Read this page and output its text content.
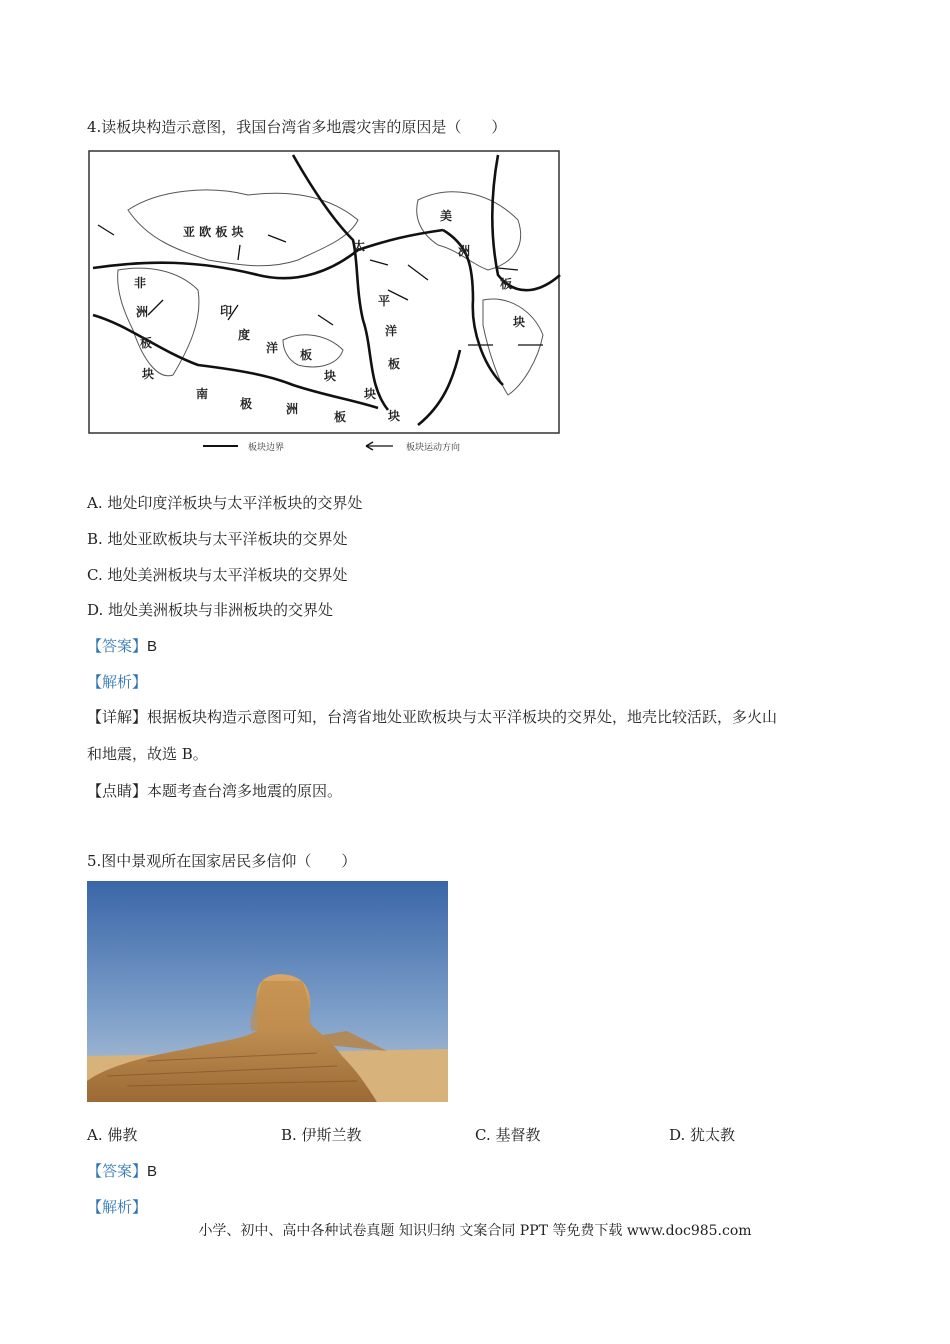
4.读板块构造示意图，我国台湾省多地震灾害的原因是（　　）
亚 欧 板 块
美
洲
板
块
非
洲
板
块
印
度
洋 板
块
太
平
洋
板
块
块
南
极	洲
板
板块边界	板块运动方向
A. 地处印度洋板块与太平洋板块的交界处
B. 地处亚欧板块与太平洋板块的交界处
C. 地处美洲板块与太平洋板块的交界处
D. 地处美洲板块与非洲板块的交界处
【答案】B
【解析】
【详解】根据板块构造示意图可知，台湾省地处亚欧板块与太平洋板块的交界处，地壳比较活跃，多火山
和地震，故选 B。
【点睛】本题考查台湾多地震的原因。
5.图中景观所在国家居民多信仰（　　）
A. 佛教	B. 伊斯兰教	C. 基督教	D. 犹太教
【答案】B
【解析】
小学、初中、高中各种试卷真题 知识归纳 文案合同 PPT 等免费下载 www.doc985.com
